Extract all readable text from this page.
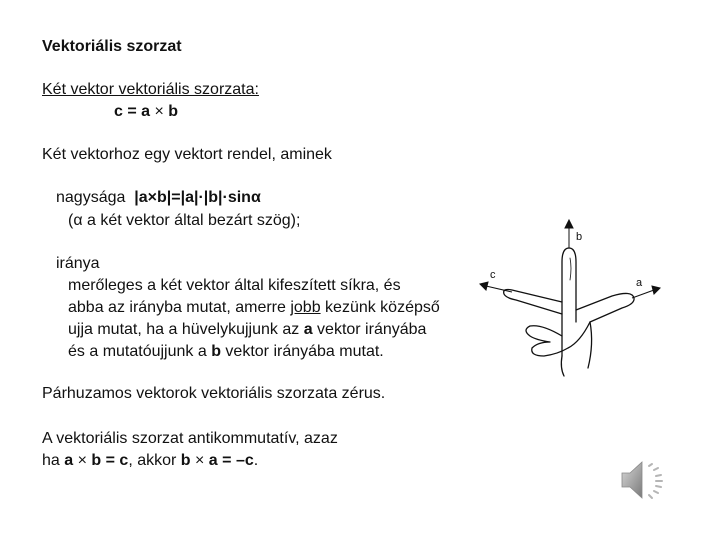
Vektoriális szorzat
Két vektor vektoriális szorzata:
c = a × b
Két vektorhoz egy vektort rendel, aminek
nagysága |a×b|=|a|·|b|·sinα
(α a két vektor által bezárt szög);
iránya
merőleges a két vektor által kifeszített síkra, és
abba az irányba mutat, amerre jobb kezünk középső
ujja mutat, ha a hüvelykujjunk az a vektor irányába
és a mutatóujjunk a b vektor irányába mutat.
Párhuzamos vektorok vektoriális szorzata zérus.
A vektoriális szorzat antikommutatív, azaz
ha a × b = c, akkor b × a = –c.
b
c
a
